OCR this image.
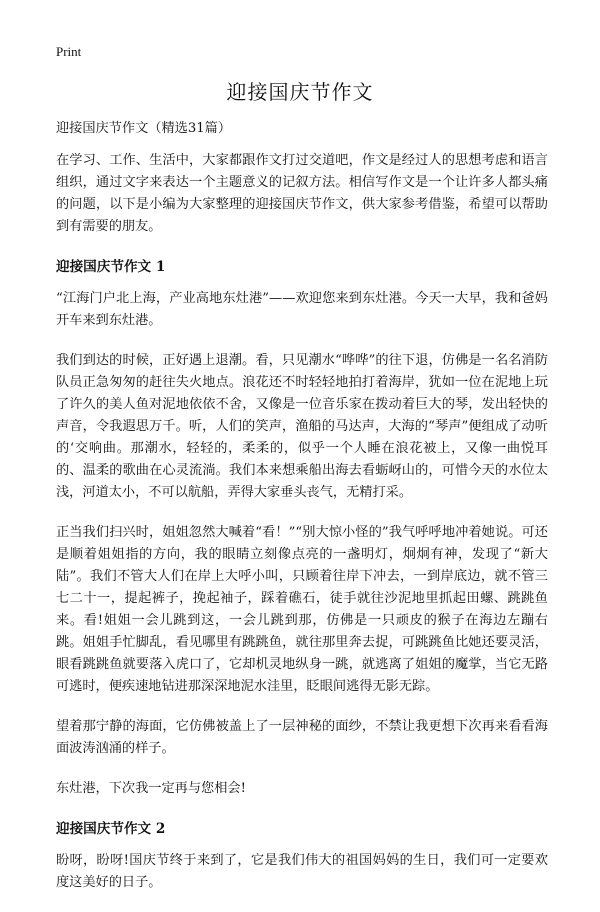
Print
迎接国庆节作文

迎接国庆节作文（精选31篇）

在学习、工作、生活中，大家都跟作文打过交道吧，作文是经过人的思想考虑和语言组织，通过文字来表达一个主题意义的记叙方法。相信写作文是一个让许多人都头痛的问题，以下是小编为大家整理的迎接国庆节作文，供大家参考借鉴，希望可以帮助到有需要的朋友。

迎接国庆节作文 1

“江海门户北上海，产业高地东灶港”——欢迎您来到东灶港。今天一大早，我和爸妈开车来到东灶港。

我们到达的时候，正好遇上退潮。看，只见潮水“哗哗”的往下退，仿佛是一名名消防队员正急匆匆的赶往失火地点。浪花还不时轻轻地拍打着海岸，犹如一位在泥地上玩了许久的美人鱼对泥地依依不舍，又像是一位音乐家在拨动着巨大的琴，发出轻快的声音，令我遐思万千。听，人们的笑声，渔船的马达声，大海的“琴声”便组成了动听的‘交响曲。那潮水，轻轻的，柔柔的，似乎一个人睡在浪花被上，又像一曲悦耳的、温柔的歌曲在心灵流淌。我们本来想乘船出海去看蛎岈山的，可惜今天的水位太浅，河道太小，不可以航船，弄得大家垂头丧气，无精打采。

正当我们扫兴时，姐姐忽然大喊着“看！”“别大惊小怪的”我气呼呼地冲着她说。可还是顺着姐姐指的方向，我的眼睛立刻像点亮的一盏明灯，炯炯有神，发现了“新大陆”。我们不管大人们在岸上大呼小叫，只顾着往岸下冲去，一到岸底边，就不管三七二十一，提起裤子，挽起袖子，踩着礁石，徒手就往沙泥地里抓起田螺、跳跳鱼来。看!姐姐一会儿跳到这，一会儿跳到那，仿佛是一只顽皮的猴子在海边左蹦右跳。姐姐手忙脚乱，看见哪里有跳跳鱼，就往那里奔去捉，可跳跳鱼比她还要灵活，眼看跳跳鱼就要落入虎口了，它却机灵地纵身一跳，就逃离了姐姐的魔掌，当它无路可逃时，便疾速地钻进那深深地泥水洼里，眨眼间逃得无影无踪。

望着那宁静的海面，它仿佛被盖上了一层神秘的面纱，不禁让我更想下次再来看看海面波涛汹涌的样子。

东灶港，下次我一定再与您相会!

迎接国庆节作文 2

盼呀，盼呀!国庆节终于来到了，它是我们伟大的祖国妈妈的生日，我们可一定要欢度这美好的日子。
